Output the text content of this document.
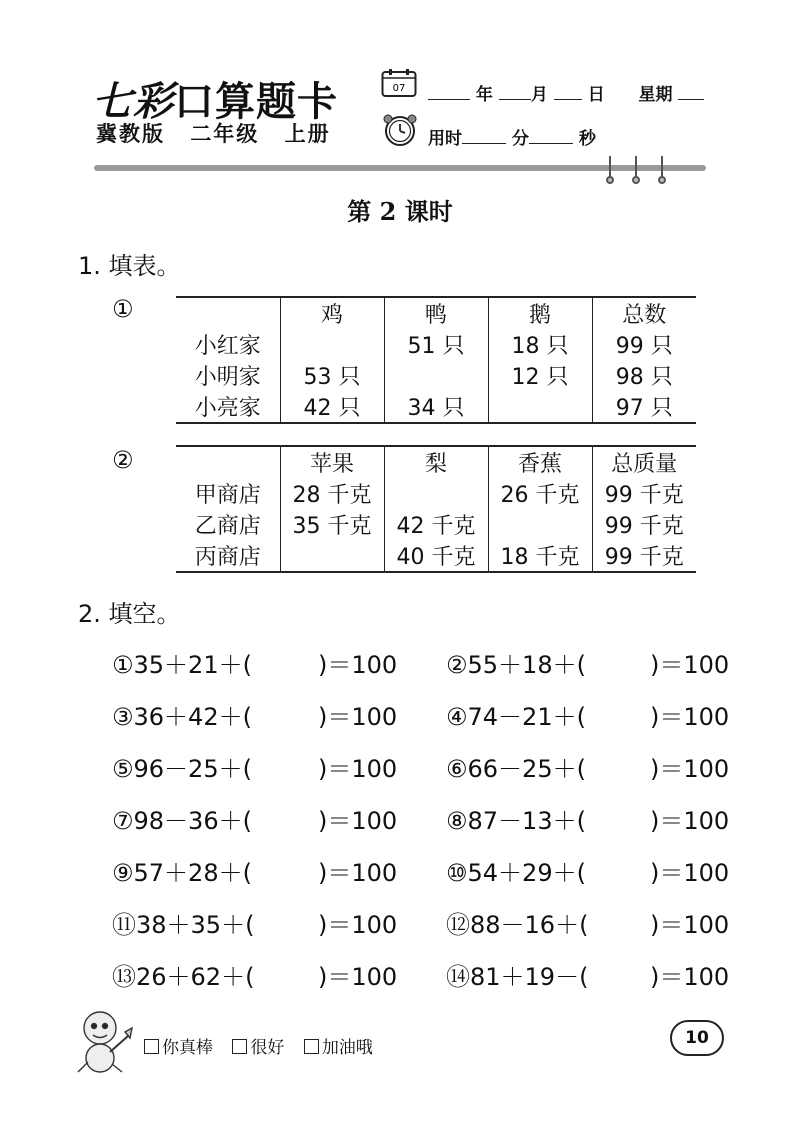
七彩口算题卡
冀教版 二年级 上册
07	年 月 日 星期
用时	分	秒
第 2 课时
1. 填表。
①
		鸡	鸭	鹅	总数
小红家		51 只	18 只	99 只
小明家	53 只		12 只	98 只
小亮家	42 只	34 只		97 只
②
		苹果	梨	香蕉	总质量
甲商店	28 千克		26 千克	99 千克
乙商店	35 千克	42 千克		99 千克
丙商店		40 千克	18 千克	99 千克
2. 填空。
①35＋21＋(	)＝100 ②55＋18＋(	)＝100
③36＋42＋(	)＝100 ④74－21＋(	)＝100
⑤96－25＋(	)＝100 ⑥66－25＋(	)＝100
⑦98－36＋(	)＝100 ⑧87－13＋(	)＝100
⑨57＋28＋(	)＝100 ⑩54＋29＋(	)＝100
⑪38＋35＋(	)＝100 ⑫88－16＋(	)＝100
⑬26＋62＋(	)＝100 ⑭81＋19－(	)＝100
你真棒 很好 加油哦	10
